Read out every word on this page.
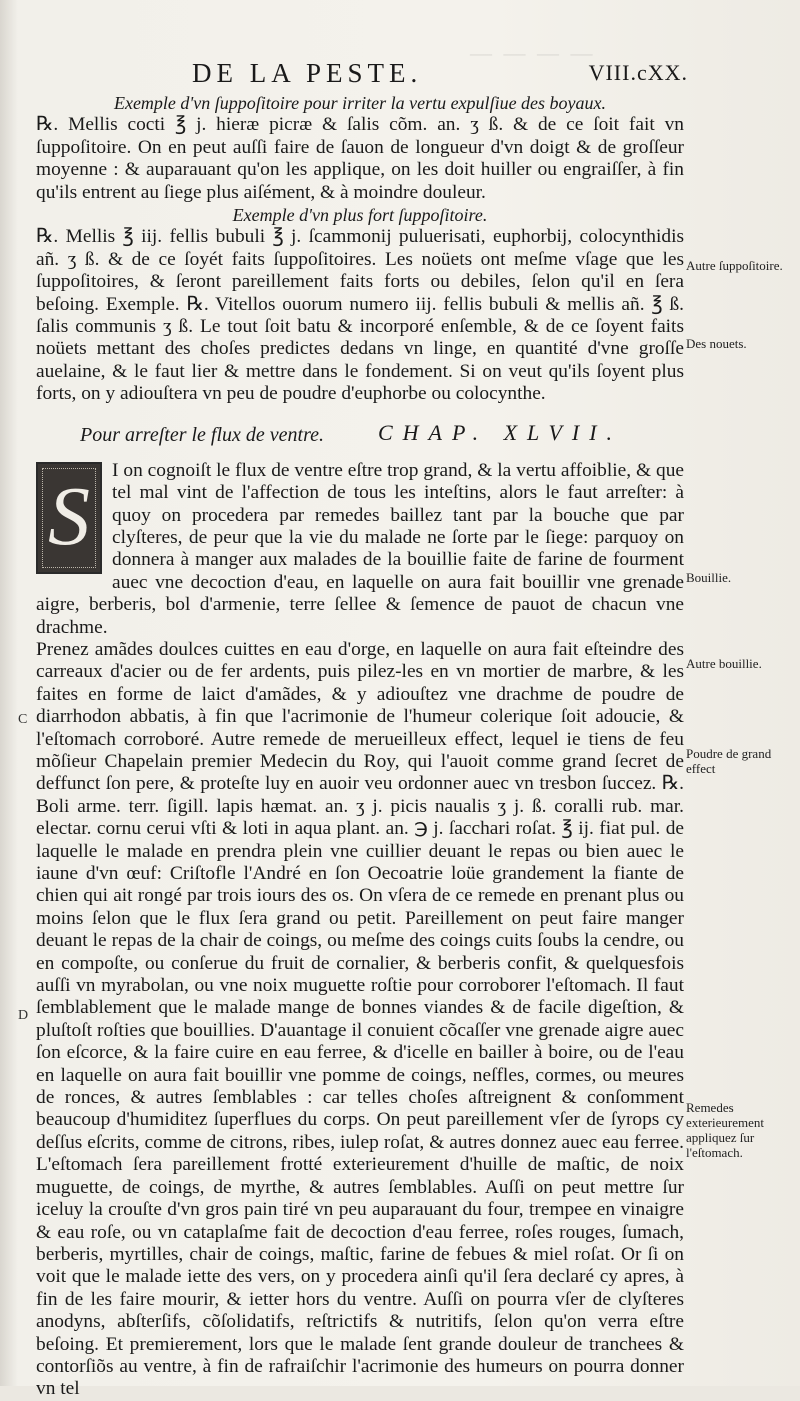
— — — —
DE LA PESTE.	VIII.cXX.
Exemple d'vn ſuppoſitoire pour irriter la vertu expulſiue des boyaux.

℞. Mellis cocti ℥ j. hieræ picræ & ſalis cõm. an. ʒ ß. & de ce ſoit fait vn ſuppoſitoire. On en peut auſſi faire de ſauon de longueur d'vn doigt & de groſſeur moyenne : & auparauant qu'on les applique, on les doit huiller ou engraiſſer, à fin qu'ils entrent au ſiege plus aiſément, & à moindre douleur.

Exemple d'vn plus fort ſuppoſitoire.

℞. Mellis ℥ iij. fellis bubuli ℥ j. ſcammonij puluerisati, euphorbij, colocynthidis añ. ʒ ß. & de ce ſoyét faits ſuppoſitoires. Les noüets ont meſme vſage que les ſuppoſitoires, & ſeront pareillement faits forts ou debiles, ſelon qu'il en ſera beſoing. Exemple. ℞. Vitellos ouorum numero iij. fellis bubuli & mellis añ. ℥ ß. ſalis communis ʒ ß. Le tout ſoit batu & incorporé enſemble, & de ce ſoyent faits noüets mettant des choſes predictes dedans vn linge, en quantité d'vne groſſe auelaine, & le faut lier & mettre dans le fondement. Si on veut qu'ils ſoyent plus forts, on y adiouſtera vn peu de poudre d'euphorbe ou colocynthe.

Pour arreſter le flux de ventre. CHAP. XLVII.
S

I on cognoiſt le flux de ventre eſtre trop grand, & la vertu affoiblie, & que tel mal vint de l'affection de tous les inteſtins, alors le faut arreſter: à quoy on procedera par remedes baillez tant par la bouche que par clyſteres, de peur que la vie du malade ne ſorte par le ſiege: parquoy on donnera à manger aux malades de la bouillie faite de farine de fourment auec vne decoction d'eau, en laquelle on aura fait bouillir vne grenade aigre, berberis, bol d'armenie, terre ſellee & ſemence de pauot de chacun vne drachme.

Prenez amãdes doulces cuittes en eau d'orge, en laquelle on aura fait eſteindre des carreaux d'acier ou de fer ardents, puis pilez-les en vn mortier de marbre, & les faites en forme de laict d'amãdes, & y adiouſtez vne drachme de poudre de diarrhodon abbatis, à fin que l'acrimonie de l'humeur colerique ſoit adoucie, & l'eſtomach corroboré. Autre remede de merueilleux effect, lequel ie tiens de feu mõſieur Chapelain premier Medecin du Roy, qui l'auoit comme grand ſecret de deffunct ſon pere, & proteſte luy en auoir veu ordonner auec vn tresbon ſuccez. ℞. Boli arme. terr. ſigill. lapis hæmat. an. ʒ j. picis naualis ʒ j. ß. coralli rub. mar. electar. cornu cerui vſti & loti in aqua plant. an. ℈ j. ſacchari roſat. ℥ ij. fiat pul. de laquelle le malade en prendra plein vne cuillier deuant le repas ou bien auec le iaune d'vn œuf: Criſtofle l'André en ſon Oecoatrie loüe grandement la fiante de chien qui ait rongé par trois iours des os. On vſera de ce remede en prenant plus ou moins ſelon que le flux ſera grand ou petit. Pareillement on peut faire manger deuant le repas de la chair de coings, ou meſme des coings cuits ſoubs la cendre, ou en compoſte, ou conſerue du fruit de cornalier, & berberis confit, & quelquesfois auſſi vn myrabolan, ou vne noix muguette roſtie pour corroborer l'eſtomach. Il faut ſemblablement que le malade mange de bonnes viandes & de facile digeſtion, & pluſtoſt roſties que bouillies. D'auantage il conuient cõcaſſer vne grenade aigre auec ſon eſcorce, & la faire cuire en eau ferree, & d'icelle en bailler à boire, ou de l'eau en laquelle on aura fait bouillir vne pomme de coings, neſfles, cormes, ou meures de ronces, & autres ſemblables : car telles choſes aſtreignent & conſomment beaucoup d'humiditez ſuperflues du corps. On peut pareillement vſer de ſyrops cy deſſus eſcrits, comme de citrons, ribes, iulep roſat, & autres donnez auec eau ferree. L'eſtomach ſera pareillement frotté exterieurement d'huille de maſtic, de noix muguette, de coings, de myrthe, & autres ſemblables. Auſſi on peut mettre ſur iceluy la crouſte d'vn gros pain tiré vn peu auparauant du four, trempee en vinaigre & eau roſe, ou vn cataplaſme fait de decoction d'eau ferree, roſes rouges, ſumach, berberis, myrtilles, chair de coings, maſtic, farine de febues & miel roſat. Or ſi on voit que le malade iette des vers, on y procedera ainſi qu'il ſera declaré cy apres, à fin de les faire mourir, & ietter hors du ventre. Auſſi on pourra vſer de clyſteres anodyns, abſterſifs, cõſolidatifs, reſtrictifs & nutritifs, ſelon qu'on verra eſtre beſoing. Et premierement, lors que le malade ſent grande douleur de tranchees & contorſiõs au ventre, à fin de rafraiſchir l'acrimonie des humeurs on pourra donner vn tel

Autre ſuppoſitoire.
Des nouets.
Bouillie.
Autre bouillie.
Poudre de grand effect
Remedes exterieurement appliquez ſur l'eſtomach.
C
D
